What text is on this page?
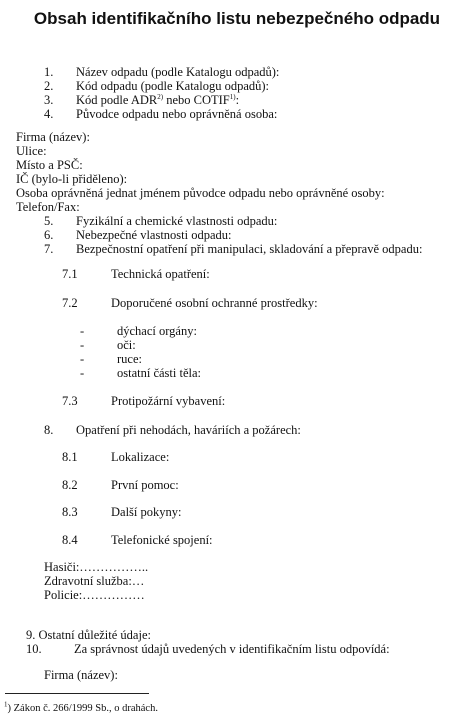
Obsah identifikačního listu nebezpečného odpadu
1. Název odpadu (podle Katalogu odpadů):
2. Kód odpadu (podle Katalogu odpadů):
3. Kód podle ADR$^{2)}$ nebo COTIF$^{1)}$:
4. Původce odpadu nebo oprávněná osoba:
Firma (název):
Ulice:
Místo a PSČ:
IČ (bylo-li přiděleno):
Osoba oprávněná jednat jménem původce odpadu nebo oprávněné osoby:
Telefon/Fax:
5. Fyzikální a chemické vlastnosti odpadu:
6. Nebezpečné vlastnosti odpadu:
7. Bezpečnostní opatření při manipulaci, skladování a přepravě odpadu:
7.1	Technická opatření:
7.2	Doporučené osobní ochranné prostředky:
-	dýchací orgány:
-	oči:
-	ruce:
-	ostatní části těla:
7.3	Protipožární vybavení:
8. Opatření při nehodách, haváriích a požárech:
8.1	Lokalizace:
8.2	První pomoc:
8.3	Další pokyny:
8.4	Telefonické spojení:
Hasiči:……………..
Zdravotní služba:…
Policie:……………
9. Ostatní důležité údaje:
10.	Za správnost údajů uvedených v identifikačním listu odpovídá:
Firma (název):
$^1$) Zákon č. 266/1999 Sb., o drahách.
